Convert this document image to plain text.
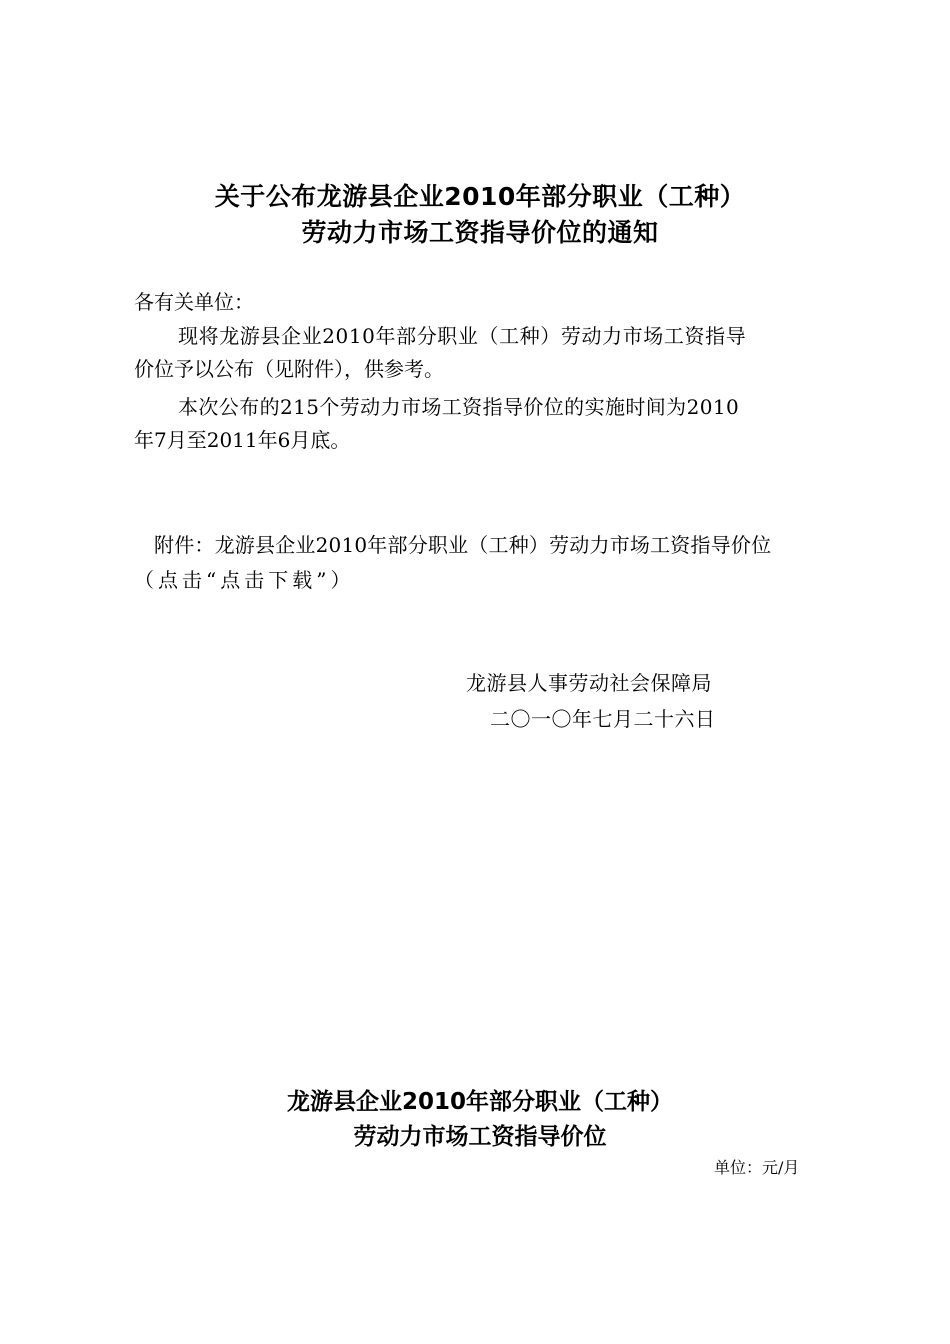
关于公布龙游县企业2010年部分职业（工种）
劳动力市场工资指导价位的通知
各有关单位：
现将龙游县企业2010年部分职业（工种）劳动力市场工资指导
价位予以公布（见附件），供参考。
本次公布的215个劳动力市场工资指导价位的实施时间为2010
年7月至2011年6月底。
附件：龙游县企业2010年部分职业（工种）劳动力市场工资指导价位
（点击“点击下载”）
龙游县人事劳动社会保障局
二〇一〇年七月二十六日
龙游县企业2010年部分职业（工种）
劳动力市场工资指导价位
单位：元/月
